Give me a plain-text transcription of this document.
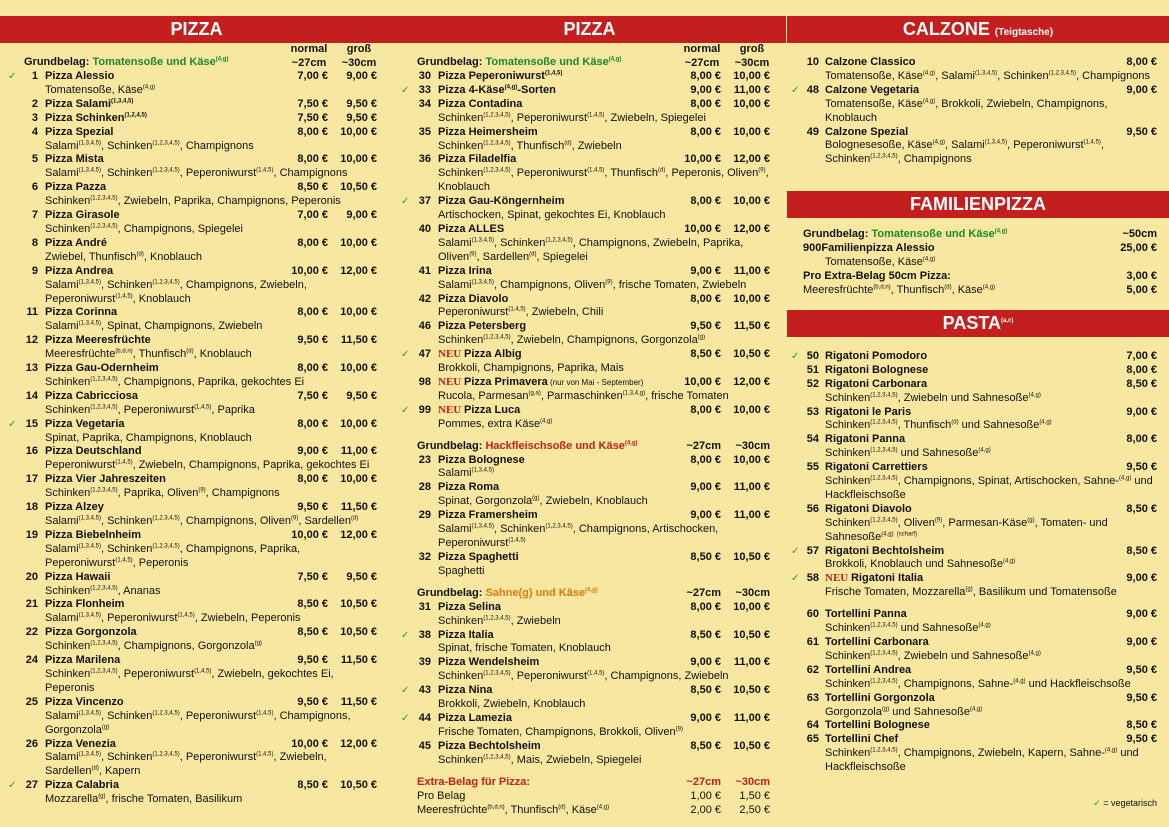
PIZZA
Grundbelag: Tomatensoße und Käse$^{(4,g)}$
normal
~27cm
groß
~30cm
✓	1 Pizza Alessio	7,00 € 9,00 €
Tomatensoße, Käse$^{(4,g)}$
2 Pizza Salami$^{(1,3,4,5)}$	7,50 € 9,50 €
3 Pizza Schinken$^{(1,2,4,5)}$	7,50 € 9,50 €
4 Pizza Spezial	8,00 € 10,00 €
Salami$^{(1,3,4,5)}$, Schinken$^{(1,2,3,4,5)}$, Champignons
5 Pizza Mista	8,00 € 10,00 €
Salami$^{(1,3,4,5)}$, Schinken$^{(1,2,3,4,5)}$, Peperoniwurst$^{(1,4,5)}$, Champignons
6 Pizza Pazza	8,50 € 10,50 €
Schinken$^{(1,2,3,4,5)}$, Zwiebeln, Paprika, Champignons, Peperonis
7 Pizza Girasole	7,00 € 9,00 €
Schinken$^{(1,2,3,4,5)}$, Champignons, Spiegelei
8 Pizza André	8,00 € 10,00 €
Zwiebel, Thunfisch$^{(d)}$, Knoblauch
9 Pizza Andrea	10,00 € 12,00 €
Salami$^{(1,3,4,5)}$, Schinken$^{(1,2,3,4,5)}$, Champignons, Zwiebeln, Peperoniwurst$^{(1,4,5)}$, Knoblauch
11 Pizza Corinna	8,00 € 10,00 €
Salami$^{(1,3,4,5)}$, Spinat, Champignons, Zwiebeln
12 Pizza Meeresfrüchte	9,50 € 11,50 €
Meeresfrüchte$^{(b,d,n)}$, Thunfisch$^{(d)}$, Knoblauch
13 Pizza Gau-Odernheim	8,00 € 10,00 €
Schinken$^{(1,2,3,4,5)}$, Champignons, Paprika, gekochtes Ei
14 Pizza Cabricciosa	7,50 € 9,50 €
Schinken$^{(1,2,3,4,5)}$, Peperoniwurst$^{(1,4,5)}$, Paprika
✓ 15 Pizza Vegetaria	8,00 € 10,00 €
Spinat, Paprika, Champignons, Knoblauch
16 Pizza Deutschland	9,00 € 11,00 €
Peperoniwurst$^{(1,4,5)}$, Zwiebeln, Champignons, Paprika, gekochtes Ei
17 Pizza Vier Jahreszeiten	8,00 € 10,00 €
Schinken$^{(1,2,3,4,5)}$, Paprika, Oliven$^{(9)}$, Champignons
18 Pizza Alzey	9,50 € 11,50 €
Salami$^{(1,3,4,5)}$, Schinken$^{(1,2,3,4,5)}$, Champignons, Oliven$^{(9)}$, Sardellen$^{(d)}$
19 Pizza Biebelnheim	10,00 € 12,00 €
Salami$^{(1,3,4,5)}$, Schinken$^{(1,2,3,4,5)}$, Champignons, Paprika, Peperoniwurst$^{(1,4,5)}$, Peperonis
20 Pizza Hawaii	7,50 € 9,50 €
Schinken$^{(1,2,3,4,5)}$, Ananas
21 Pizza Flonheim	8,50 € 10,50 €
Salami$^{(1,3,4,5)}$, Peperoniwurst$^{(1,4,5)}$, Zwiebeln, Peperonis
22 Pizza Gorgonzola	8,50 € 10,50 €
Schinken$^{(1,2,3,4,5)}$, Champignons, Gorgonzola$^{(g)}$
24 Pizza Marilena	9,50 € 11,50 €
Schinken$^{(1,2,3,4,5)}$, Peperoniwurst$^{(1,4,5)}$, Zwiebeln, gekochtes Ei, Peperonis
25 Pizza Vincenzo	9,50 € 11,50 €
Salami$^{(1,3,4,5)}$, Schinken$^{(1,2,3,4,5)}$, Peperoniwurst$^{(1,4,5)}$, Champignons, Gorgonzola$^{(g)}$
26 Pizza Venezia	10,00 € 12,00 €
Salami$^{(1,3,4,5)}$, Schinken$^{(1,2,3,4,5)}$, Peperoniwurst$^{(1,4,5)}$, Zwiebeln, Sardellen$^{(d)}$, Kapern
✓ 27 Pizza Calabria	8,50 € 10,50 €
Mozzarella$^{(g)}$, frische Tomaten, Basilikum
PIZZA
Grundbelag: Tomatensoße und Käse$^{(4,g)}$
normal
~27cm
groß
~30cm
30 Pizza Peperoniwurst$^{(1,4,5)}$	8,00 € 10,00 €
✓ 33 Pizza 4-Käse$^{(4,g)}$-Sorten	9,00 € 11,00 €
34 Pizza Contadina	8,00 € 10,00 €
Schinken$^{(1,2,3,4,5)}$, Peperoniwurst$^{(1,4,5)}$, Zwiebeln, Spiegelei
35 Pizza Heimersheim	8,00 € 10,00 €
Schinken$^{(1,2,3,4,5)}$, Thunfisch$^{(d)}$, Zwiebeln
36 Pizza Filadelfia	10,00 € 12,00 €
Schinken$^{(1,2,3,4,5)}$, Peperoniwurst$^{(1,4,5)}$, Thunfisch$^{(d)}$, Peperonis, Oliven$^{(9)}$, Knoblauch
✓ 37 Pizza Gau-Köngernheim	8,00 € 10,00 €
Artischocken, Spinat, gekochtes Ei, Knoblauch
40 Pizza ALLES	10,00 € 12,00 €
Salami$^{(1,3,4,5)}$, Schinken$^{(1,2,3,4,5)}$, Champignons, Zwiebeln, Paprika, Oliven$^{(9)}$, Sardellen$^{(d)}$, Spiegelei
41 Pizza Irina	9,00 € 11,00 €
Salami$^{(1,3,4,5)}$, Champignons, Oliven$^{(9)}$, frische Tomaten, Zwiebeln
42 Pizza Diavolo	8,00 € 10,00 €
Peperoniwurst$^{(1,4,5)}$, Zwiebeln, Chili
46 Pizza Petersberg	9,50 € 11,50 €
Schinken$^{(1,2,3,4,5)}$, Zwiebeln, Champignons, Gorgonzola$^{(g)}$
✓ 47 NEU Pizza Albig	8,50 € 10,50 €
Brokkoli, Champignons, Paprika, Mais
98 NEU Pizza Primavera (nur von Mai - September)	10,00 € 12,00 €
Rucola, Parmesan$^{(g,a)}$, Parmaschinken$^{(1,3,4,g)}$, frische Tomaten
✓ 99 NEU Pizza Luca	8,00 € 10,00 €
Pommes, extra Käse$^{(4,g)}$
Grundbelag: Hackfleischsoße und Käse$^{(4,g)}$	~27cm ~30cm
23 Pizza Bolognese	8,00 € 10,00 €
Salami$^{(1,3,4,5)}$
28 Pizza Roma	9,00 € 11,00 €
Spinat, Gorgonzola$^{(g)}$, Zwiebeln, Knoblauch
29 Pizza Framersheim	9,00 € 11,00 €
Salami$^{(1,3,4,5)}$, Schinken$^{(1,2,3,4,5)}$, Champignons, Artischocken, Peperoniwurst$^{(1,4,5)}$
32 Pizza Spaghetti	8,50 € 10,50 €
Spaghetti
Grundbelag: Sahne(g) und Käse$^{(4,g)}$	~27cm ~30cm
31 Pizza Selina	8,00 € 10,00 €
Schinken$^{(1,2,3,4,5)}$, Zwiebeln
✓ 38 Pizza Italia	8,50 € 10,50 €
Spinat, frische Tomaten, Knoblauch
39 Pizza Wendelsheim	9,00 € 11,00 €
Schinken$^{(1,2,3,4,5)}$, Peperoniwurst$^{(1,4,5)}$, Champignons, Zwiebeln
✓ 43 Pizza Nina	8,50 € 10,50 €
Brokkoli, Zwiebeln, Knoblauch
✓ 44 Pizza Lamezia	9,00 € 11,00 €
Frische Tomaten, Champignons, Brokkoli, Oliven$^{(9)}$
45 Pizza Bechtolsheim	8,50 € 10,50 €
Schinken$^{(1,2,3,4,5)}$, Mais, Zwiebeln, Spiegelei
Extra-Belag für Pizza:	~27cm ~30cm
Pro Belag	1,00 € 1,50 €
Meeresfrüchte$^{(b,d,n)}$, Thunfisch$^{(d)}$, Käse$^{(4,g)}$	2,00 € 2,50 €
CALZONE (Teigtasche)
10 Calzone Classico	8,00 €
Tomatensoße, Käse$^{(4,g)}$, Salami$^{(1,3,4,5)}$, Schinken$^{(1,2,3,4,5)}$, Champignons
✓ 48 Calzone Vegetaria	9,00 €
Tomatensoße, Käse$^{(4,g)}$, Brokkoli, Zwiebeln, Champignons, Knoblauch
49 Calzone Spezial	9,50 €
Bolognesesoße, Käse$^{(4,g)}$, Salami$^{(1,3,4,5)}$, Peperoniwurst$^{(1,4,5)}$, Schinken$^{(1,2,3,4,5)}$, Champignons
FAMILIENPIZZA
Grundbelag: Tomatensoße und Käse$^{(4,g)}$	~50cm
900Familienpizza Alessio	25,00 €
Tomatensoße, Käse$^{(4,g)}$
Pro Extra-Belag 50cm Pizza:	3,00 €
Meeresfrüchte$^{(b,d,n)}$, Thunfisch$^{(d)}$, Käse$^{(4,g)}$	5,00 €
PASTA$^{(a,c)}$
✓ 50 Rigatoni Pomodoro	7,00 €
51 Rigatoni Bolognese	8,00 €
52 Rigatoni Carbonara	8,50 €
Schinken$^{(1,2,3,4,5)}$, Zwiebeln und Sahnesoße$^{(4,g)}$
53 Rigatoni le Paris	9,00 €
Schinken$^{(1,2,3,4,5)}$, Thunfisch$^{(d)}$ und Sahnesoße$^{(4,g)}$
54 Rigatoni Panna	8,00 €
Schinken$^{(1,2,3,4,5)}$ und Sahnesoße$^{(4,g)}$
55 Rigatoni Carrettiers	9,50 €
Schinken$^{(1,2,3,4,5)}$, Champignons, Spinat, Artischocken, Sahne-$^{(4,g)}$ und Hackfleischsoße
56 Rigatoni Diavolo	8,50 €
Schinken$^{(1,2,3,4,5)}$, Oliven$^{(9)}$, Parmesan-Käse$^{(g)}$, Tomaten- und Sahnesoße$^{(4,g)}$ $^{(scharf)}$
✓ 57 Rigatoni Bechtolsheim	8,50 €
Brokkoli, Knoblauch und Sahnesoße$^{(4,g)}$
✓ 58 NEU Rigatoni Italia	9,00 €
Frische Tomaten, Mozzarella$^{(g)}$, Basilikum und Tomatensoße
60 Tortellini Panna	9,00 €
Schinken$^{(1,2,3,4,5)}$ und Sahnesoße$^{(4,g)}$
61 Tortellini Carbonara	9,00 €
Schinken$^{(1,2,3,4,5)}$, Zwiebeln und Sahnesoße$^{(4,g)}$
62 Tortellini Andrea	9,50 €
Schinken$^{(1,2,3,4,5)}$, Champignons, Sahne-$^{(4,g)}$ und Hackfleischsoße
63 Tortellini Gorgonzola	9,50 €
Gorgonzola$^{(g)}$ und Sahnesoße$^{(4,g)}$
64 Tortellini Bolognese	8,50 €
65 Tortellini Chef	9,50 €
Schinken$^{(1,2,3,4,5)}$, Champignons, Zwiebeln, Kapern, Sahne-$^{(4,g)}$ und Hackfleischsoße
✓ = vegetarisch
